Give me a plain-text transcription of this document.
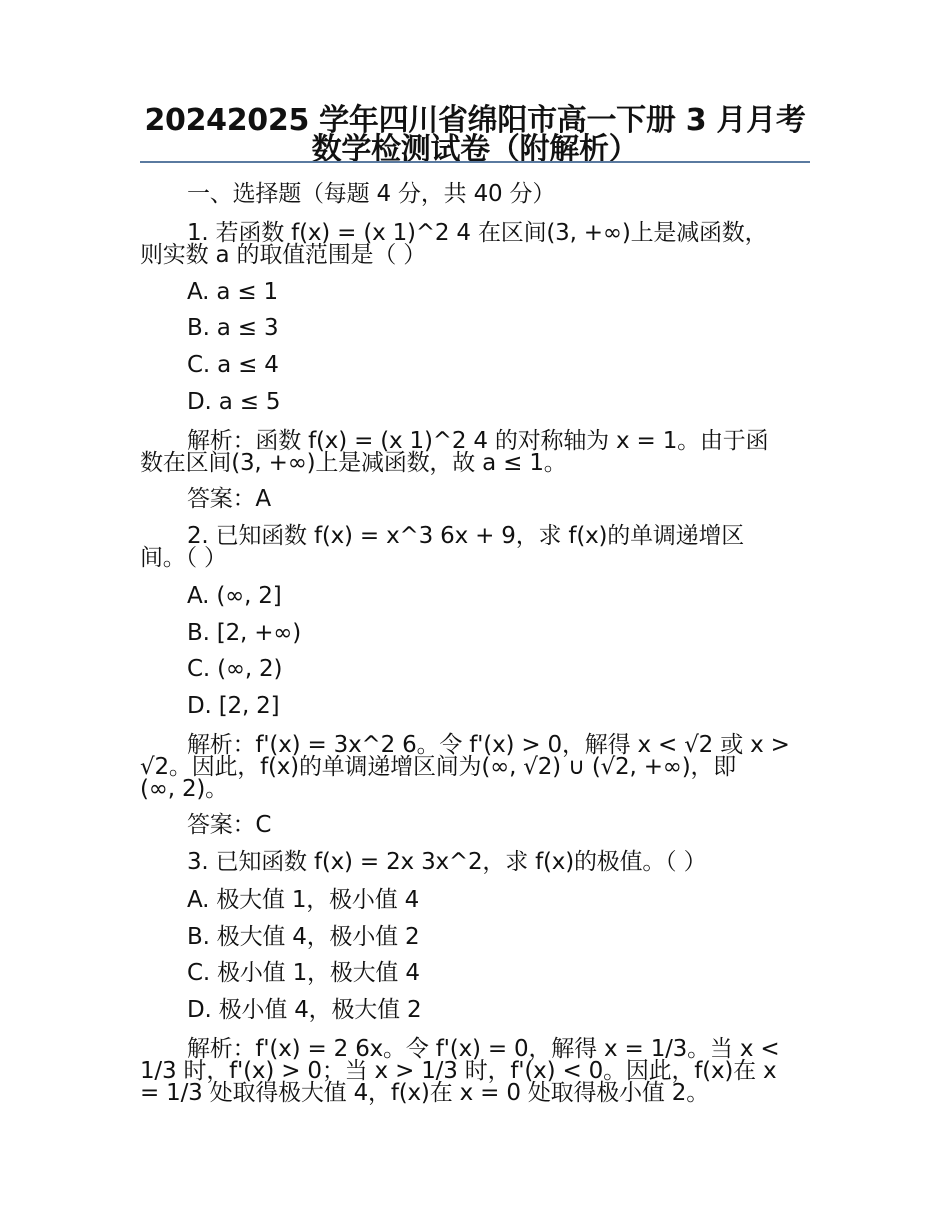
20242025 学年四川省绵阳市高一下册 3 月月考数学检测试卷（附解析）
一、选择题（每题 4 分，共 40 分）
1. 若函数 f(x) = (x 1)^2 4 在区间(3, +∞)上是减函数，
则实数 a 的取值范围是（ ）
A. a ≤ 1
B. a ≤ 3
C. a ≤ 4
D. a ≤ 5
解析：函数 f(x) = (x 1)^2 4 的对称轴为 x = 1。由于函
数在区间(3, +∞)上是减函数，故 a ≤ 1。
答案：A
2. 已知函数 f(x) = x^3 6x + 9，求 f(x)的单调递增区
间。（ ）
A. (∞, 2]
B. [2, +∞)
C. (∞, 2)
D. [2, 2]
解析：f'(x) = 3x^2 6。令 f'(x) > 0，解得 x < √2 或 x >
√2。因此，f(x)的单调递增区间为(∞, √2) ∪ (√2, +∞)，即
(∞, 2)。
答案：C
3. 已知函数 f(x) = 2x 3x^2，求 f(x)的极值。（ ）
A. 极大值 1，极小值 4
B. 极大值 4，极小值 2
C. 极小值 1，极大值 4
D. 极小值 4，极大值 2
解析：f'(x) = 2 6x。令 f'(x) = 0，解得 x = 1/3。当 x <
1/3 时，f'(x) > 0；当 x > 1/3 时，f'(x) < 0。因此，f(x)在 x
= 1/3 处取得极大值 4，f(x)在 x = 0 处取得极小值 2。
